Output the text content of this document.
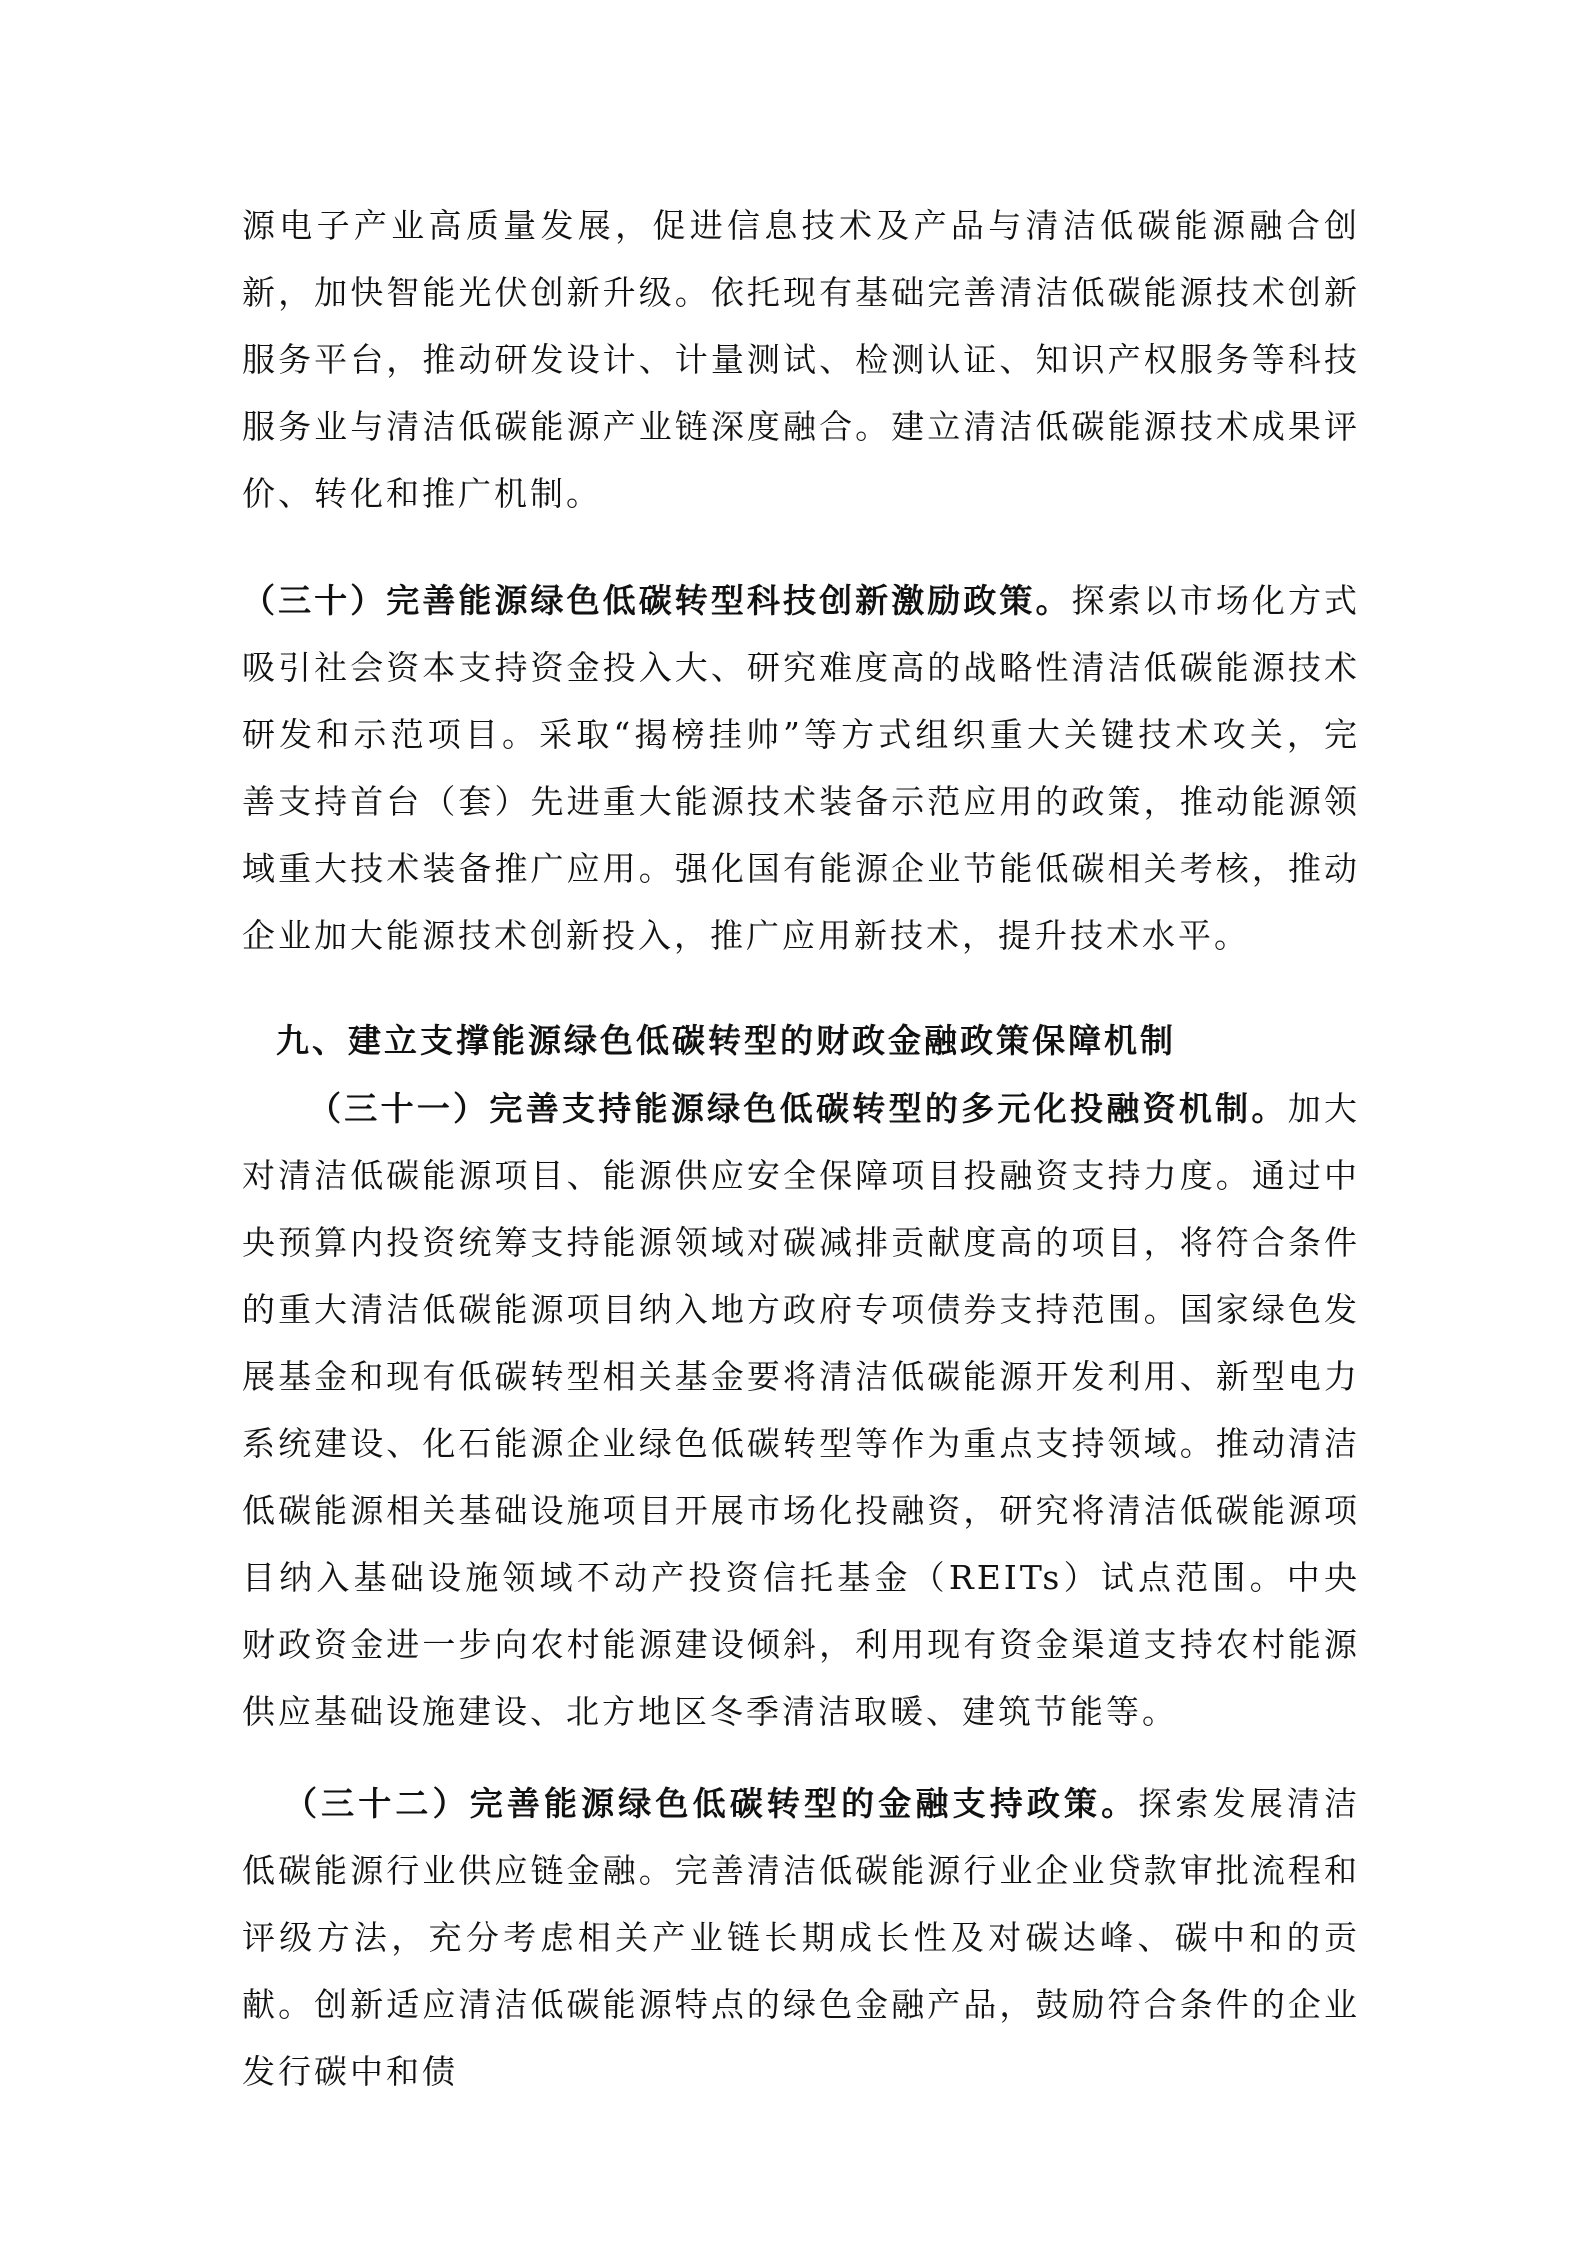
源电子产业高质量发展，促进信息技术及产品与清洁低碳能源融合创新，加快智能光伏创新升级。依托现有基础完善清洁低碳能源技术创新服务平台，推动研发设计、计量测试、检测认证、知识产权服务等科技服务业与清洁低碳能源产业链深度融合。建立清洁低碳能源技术成果评价、转化和推广机制。

（三十）完善能源绿色低碳转型科技创新激励政策。探索以市场化方式吸引社会资本支持资金投入大、研究难度高的战略性清洁低碳能源技术研发和示范项目。采取“揭榜挂帅”等方式组织重大关键技术攻关，完善支持首台（套）先进重大能源技术装备示范应用的政策，推动能源领域重大技术装备推广应用。强化国有能源企业节能低碳相关考核，推动企业加大能源技术创新投入，推广应用新技术，提升技术水平。

九、建立支撑能源绿色低碳转型的财政金融政策保障机制

（三十一）完善支持能源绿色低碳转型的多元化投融资机制。加大对清洁低碳能源项目、能源供应安全保障项目投融资支持力度。通过中央预算内投资统筹支持能源领域对碳减排贡献度高的项目，将符合条件的重大清洁低碳能源项目纳入地方政府专项债券支持范围。国家绿色发展基金和现有低碳转型相关基金要将清洁低碳能源开发利用、新型电力系统建设、化石能源企业绿色低碳转型等作为重点支持领域。推动清洁低碳能源相关基础设施项目开展市场化投融资，研究将清洁低碳能源项目纳入基础设施领域不动产投资信托基金（REITs）试点范围。中央财政资金进一步向农村能源建设倾斜，利用现有资金渠道支持农村能源供应基础设施建设、北方地区冬季清洁取暖、建筑节能等。

（三十二）完善能源绿色低碳转型的金融支持政策。探索发展清洁低碳能源行业供应链金融。完善清洁低碳能源行业企业贷款审批流程和评级方法，充分考虑相关产业链长期成长性及对碳达峰、碳中和的贡献。创新适应清洁低碳能源特点的绿色金融产品，鼓励符合条件的企业发行碳中和债
